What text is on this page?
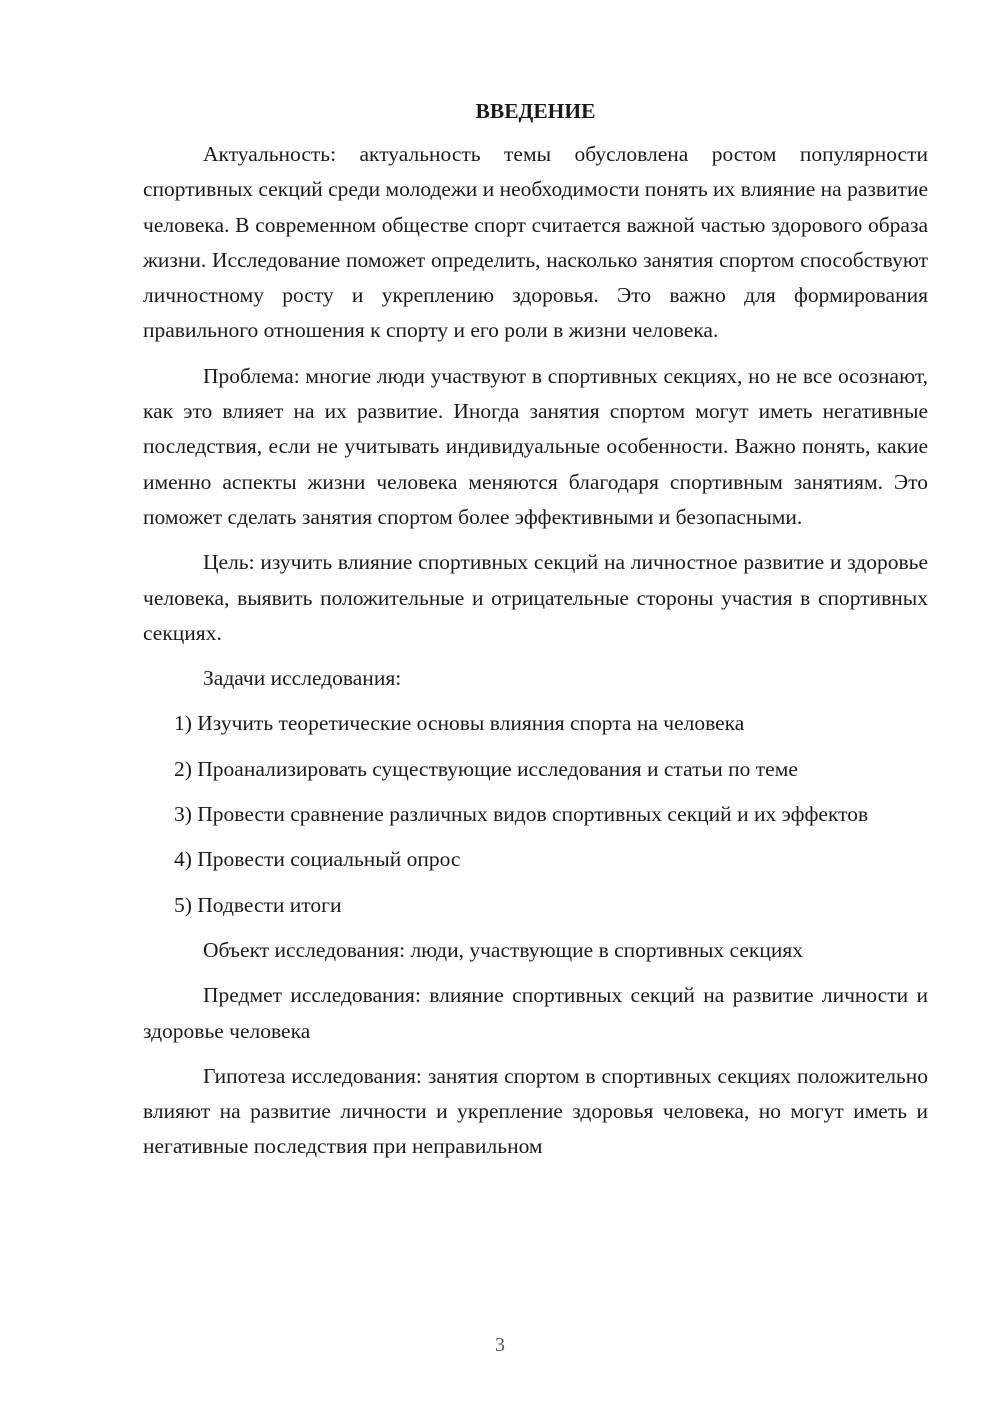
ВВЕДЕНИЕ

Актуальность: актуальность темы обусловлена ростом популярности спортивных секций среди молодежи и необходимости понять их влияние на развитие человека. В современном обществе спорт считается важной частью здорового образа жизни. Исследование поможет определить, насколько занятия спортом способствуют личностному росту и укреплению здоровья. Это важно для формирования правильного отношения к спорту и его роли в жизни человека.

Проблема: многие люди участвуют в спортивных секциях, но не все осознают, как это влияет на их развитие. Иногда занятия спортом могут иметь негативные последствия, если не учитывать индивидуальные особенности. Важно понять, какие именно аспекты жизни человека меняются благодаря спортивным занятиям. Это поможет сделать занятия спортом более эффективными и безопасными.

Цель: изучить влияние спортивных секций на личностное развитие и здоровье человека, выявить положительные и отрицательные стороны участия в спортивных секциях.

Задачи исследования:

1) Изучить теоретические основы влияния спорта на человека

2) Проанализировать существующие исследования и статьи по теме

3) Провести сравнение различных видов спортивных секций и их эффектов

4) Провести социальный опрос

5) Подвести итоги

Объект исследования: люди, участвующие в спортивных секциях

Предмет исследования: влияние спортивных секций на развитие личности и здоровье человека

Гипотеза исследования: занятия спортом в спортивных секциях положительно влияют на развитие личности и укрепление здоровья человека, но могут иметь и негативные последствия при неправильном

3
